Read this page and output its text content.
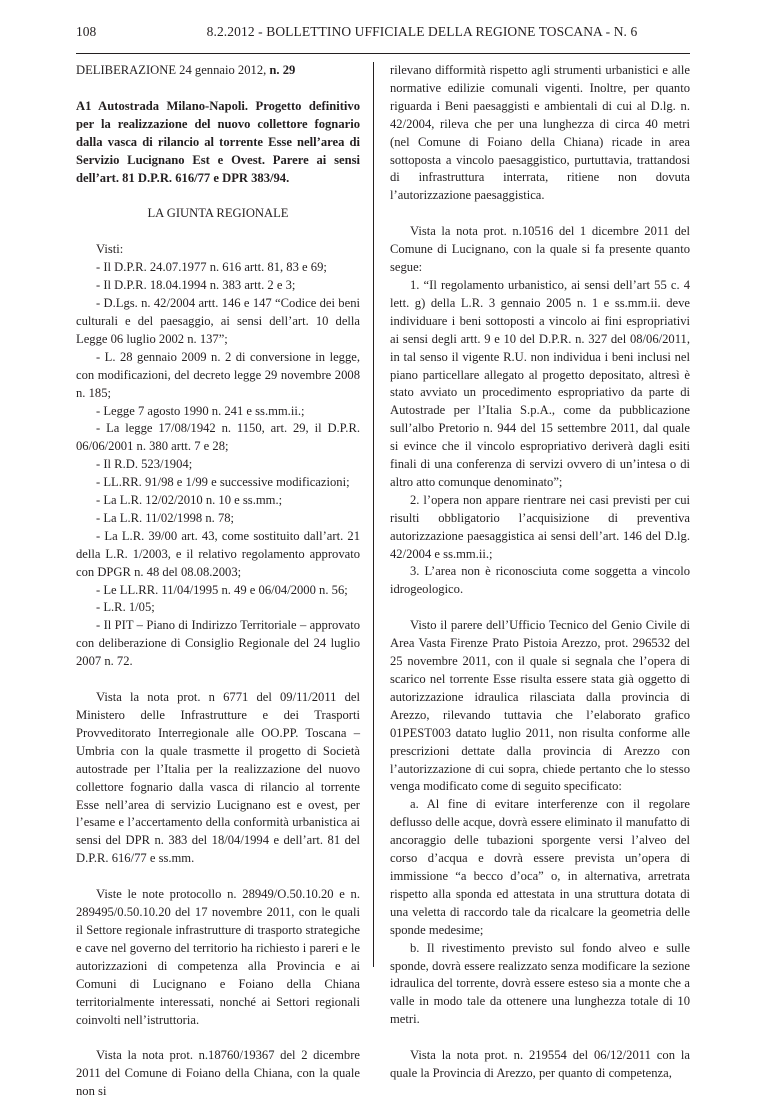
108	8.2.2012 - BOLLETTINO UFFICIALE DELLA REGIONE TOSCANA - N. 6

DELIBERAZIONE 24 gennaio 2012, n. 29

A1 Autostrada Milano-Napoli. Progetto definitivo per la realizzazione del nuovo collettore fognario dalla vasca di rilancio al torrente Esse nell’area di Servizio Lucignano Est e Ovest. Parere ai sensi dell’art. 81 D.P.R. 616/77 e DPR 383/94.

LA GIUNTA REGIONALE

Visti:

- Il D.P.R. 24.07.1977 n. 616 artt. 81, 83 e 69;

- Il D.P.R. 18.04.1994 n. 383 artt. 2 e 3;

- D.Lgs. n. 42/2004 artt. 146 e 147 “Codice dei beni culturali e del paesaggio, ai sensi dell’art. 10 della Legge 06 luglio 2002 n. 137”;

- L. 28 gennaio 2009 n. 2 di conversione in legge, con modificazioni, del decreto legge 29 novembre 2008 n. 185;

- Legge 7 agosto 1990 n. 241 e ss.mm.ii.;

- La legge 17/08/1942 n. 1150, art. 29, il D.P.R. 06/06/2001 n. 380 artt. 7 e 28;

- Il R.D. 523/1904;

- LL.RR. 91/98 e 1/99 e successive modificazioni;

- La L.R. 12/02/2010 n. 10 e ss.mm.;

- La L.R. 11/02/1998 n. 78;

- La L.R. 39/00 art. 43, come sostituito dall’art. 21 della L.R. 1/2003, e il relativo regolamento approvato con DPGR n. 48 del 08.08.2003;

- Le LL.RR. 11/04/1995 n. 49 e 06/04/2000 n. 56;

- L.R. 1/05;

- Il PIT – Piano di Indirizzo Territoriale – approvato con deliberazione di Consiglio Regionale del 24 luglio 2007 n. 72.

Vista la nota prot. n 6771 del 09/11/2011 del Ministero delle Infrastrutture e dei Trasporti Provveditorato Interregionale alle OO.PP. Toscana – Umbria con la quale trasmette il progetto di Società autostrade per l’Italia per la realizzazione del nuovo collettore fognario dalla vasca di rilancio al torrente Esse nell’area di servizio Lucignano est e ovest, per l’esame e l’accertamento della conformità urbanistica ai sensi del DPR n. 383 del 18/04/1994 e dell’art. 81 del D.P.R. 616/77 e ss.mm.

Viste le note protocollo n. 28949/O.50.10.20 e n. 289495/0.50.10.20 del 17 novembre 2011, con le quali il Settore regionale infrastrutture di trasporto strategiche e cave nel governo del territorio ha richiesto i pareri e le autorizzazioni di competenza alla Provincia e ai Comuni di Lucignano e Foiano della Chiana territorialmente interessati, nonché ai Settori regionali coinvolti nell’istruttoria.

Vista la nota prot. n.18760/19367 del 2 dicembre 2011 del Comune di Foiano della Chiana, con la quale non si

rilevano difformità rispetto agli strumenti urbanistici e alle normative edilizie comunali vigenti. Inoltre, per quanto riguarda i Beni paesaggisti e ambientali di cui al D.lg. n. 42/2004, rileva che per una lunghezza di circa 40 metri (nel Comune di Foiano della Chiana) ricade in area sottoposta a vincolo paesaggistico, purtuttavia, trattandosi di infrastruttura interrata, ritiene non dovuta l’autorizzazione paesaggistica.

Vista la nota prot. n.10516 del 1 dicembre 2011 del Comune di Lucignano, con la quale si fa presente quanto segue:

1. “Il regolamento urbanistico, ai sensi dell’art 55 c. 4 lett. g) della L.R. 3 gennaio 2005 n. 1 e ss.mm.ii. deve individuare i beni sottoposti a vincolo ai fini espropriativi ai sensi degli artt. 9 e 10 del D.P.R. n. 327 del 08/06/2011, in tal senso il vigente R.U. non individua i beni inclusi nel piano particellare allegato al progetto depositato, altresì è stato avviato un procedimento espropriativo da parte di Autostrade per l’Italia S.p.A., come da pubblicazione sull’albo Pretorio n. 944 del 15 settembre 2011, dal quale si evince che il vincolo espropriativo deriverà dagli esiti finali di una conferenza di servizi ovvero di un’intesa o di altro atto comunque denominato”;

2. l’opera non appare rientrare nei casi previsti per cui risulti obbligatorio l’acquisizione di preventiva autorizzazione paesaggistica ai sensi dell’art. 146 del D.lg. 42/2004 e ss.mm.ii.;

3. L’area non è riconosciuta come soggetta a vincolo idrogeologico.

Visto il parere dell’Ufficio Tecnico del Genio Civile di Area Vasta Firenze Prato Pistoia Arezzo, prot. 296532 del 25 novembre 2011, con il quale si segnala che l’opera di scarico nel torrente Esse risulta essere stata già oggetto di autorizzazione idraulica rilasciata dalla provincia di Arezzo, rilevando tuttavia che l’elaborato grafico 01PEST003 datato luglio 2011, non risulta conforme alle prescrizioni dettate dalla provincia di Arezzo con l’autorizzazione di cui sopra, chiede pertanto che lo stesso venga modificato come di seguito specificato:

a. Al fine di evitare interferenze con il regolare deflusso delle acque, dovrà essere eliminato il manufatto di ancoraggio delle tubazioni sporgente versi l’alveo del corso d’acqua e dovrà essere prevista un’opera di immissione “a becco d’oca” o, in alternativa, arretrata rispetto alla sponda ed attestata in una struttura dotata di una veletta di raccordo tale da ricalcare la geometria delle sponde medesime;

b. Il rivestimento previsto sul fondo alveo e sulle sponde, dovrà essere realizzato senza modificare la sezione idraulica del torrente, dovrà essere esteso sia a monte che a valle in modo tale da ottenere una lunghezza totale di 10 metri.

Vista la nota prot. n. 219554 del 06/12/2011 con la quale la Provincia di Arezzo, per quanto di competenza,
